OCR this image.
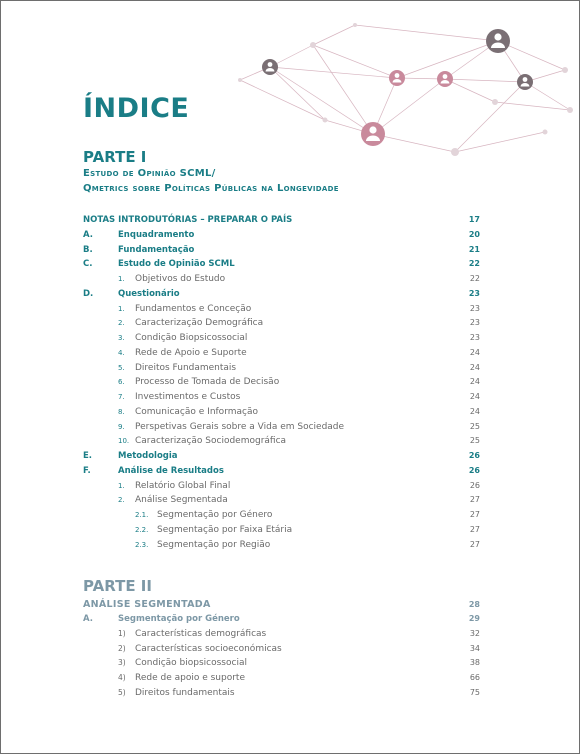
ÍNDICE
PARTE I
Estudo de Opinião SCML/
Qmetrics sobre Políticas Públicas na Longevidade
NOTAS INTRODUTÓRIAS – PREPARAR O PAÍS	17
A.	Enquadramento	20
B.	Fundamentação	21
C.	Estudo de Opinião SCML	22
1. Objetivos do Estudo	22
D.	Questionário	23
1. Fundamentos e Conceção	23
2. Caracterização Demográfica	23
3. Condição Biopsicossocial	23
4. Rede de Apoio e Suporte	24
5. Direitos Fundamentais	24
6. Processo de Tomada de Decisão	24
7. Investimentos e Custos	24
8. Comunicação e Informação	24
9. Perspetivas Gerais sobre a Vida em Sociedade	25
10. Caracterização Sociodemográfica	25
E.	Metodologia	26
F.	Análise de Resultados	26
1. Relatório Global Final	26
2. Análise Segmentada	27
2.1. Segmentação por Género	27
2.2. Segmentação por Faixa Etária	27
2.3. Segmentação por Região	27
PARTE II
ANÁLISE SEGMENTADA	28
A.	Segmentação por Género	29
1) Características demográficas	32
2) Características socioeconómicas	34
3) Condição biopsicossocial	38
4) Rede de apoio e suporte	66
5) Direitos fundamentais	75
